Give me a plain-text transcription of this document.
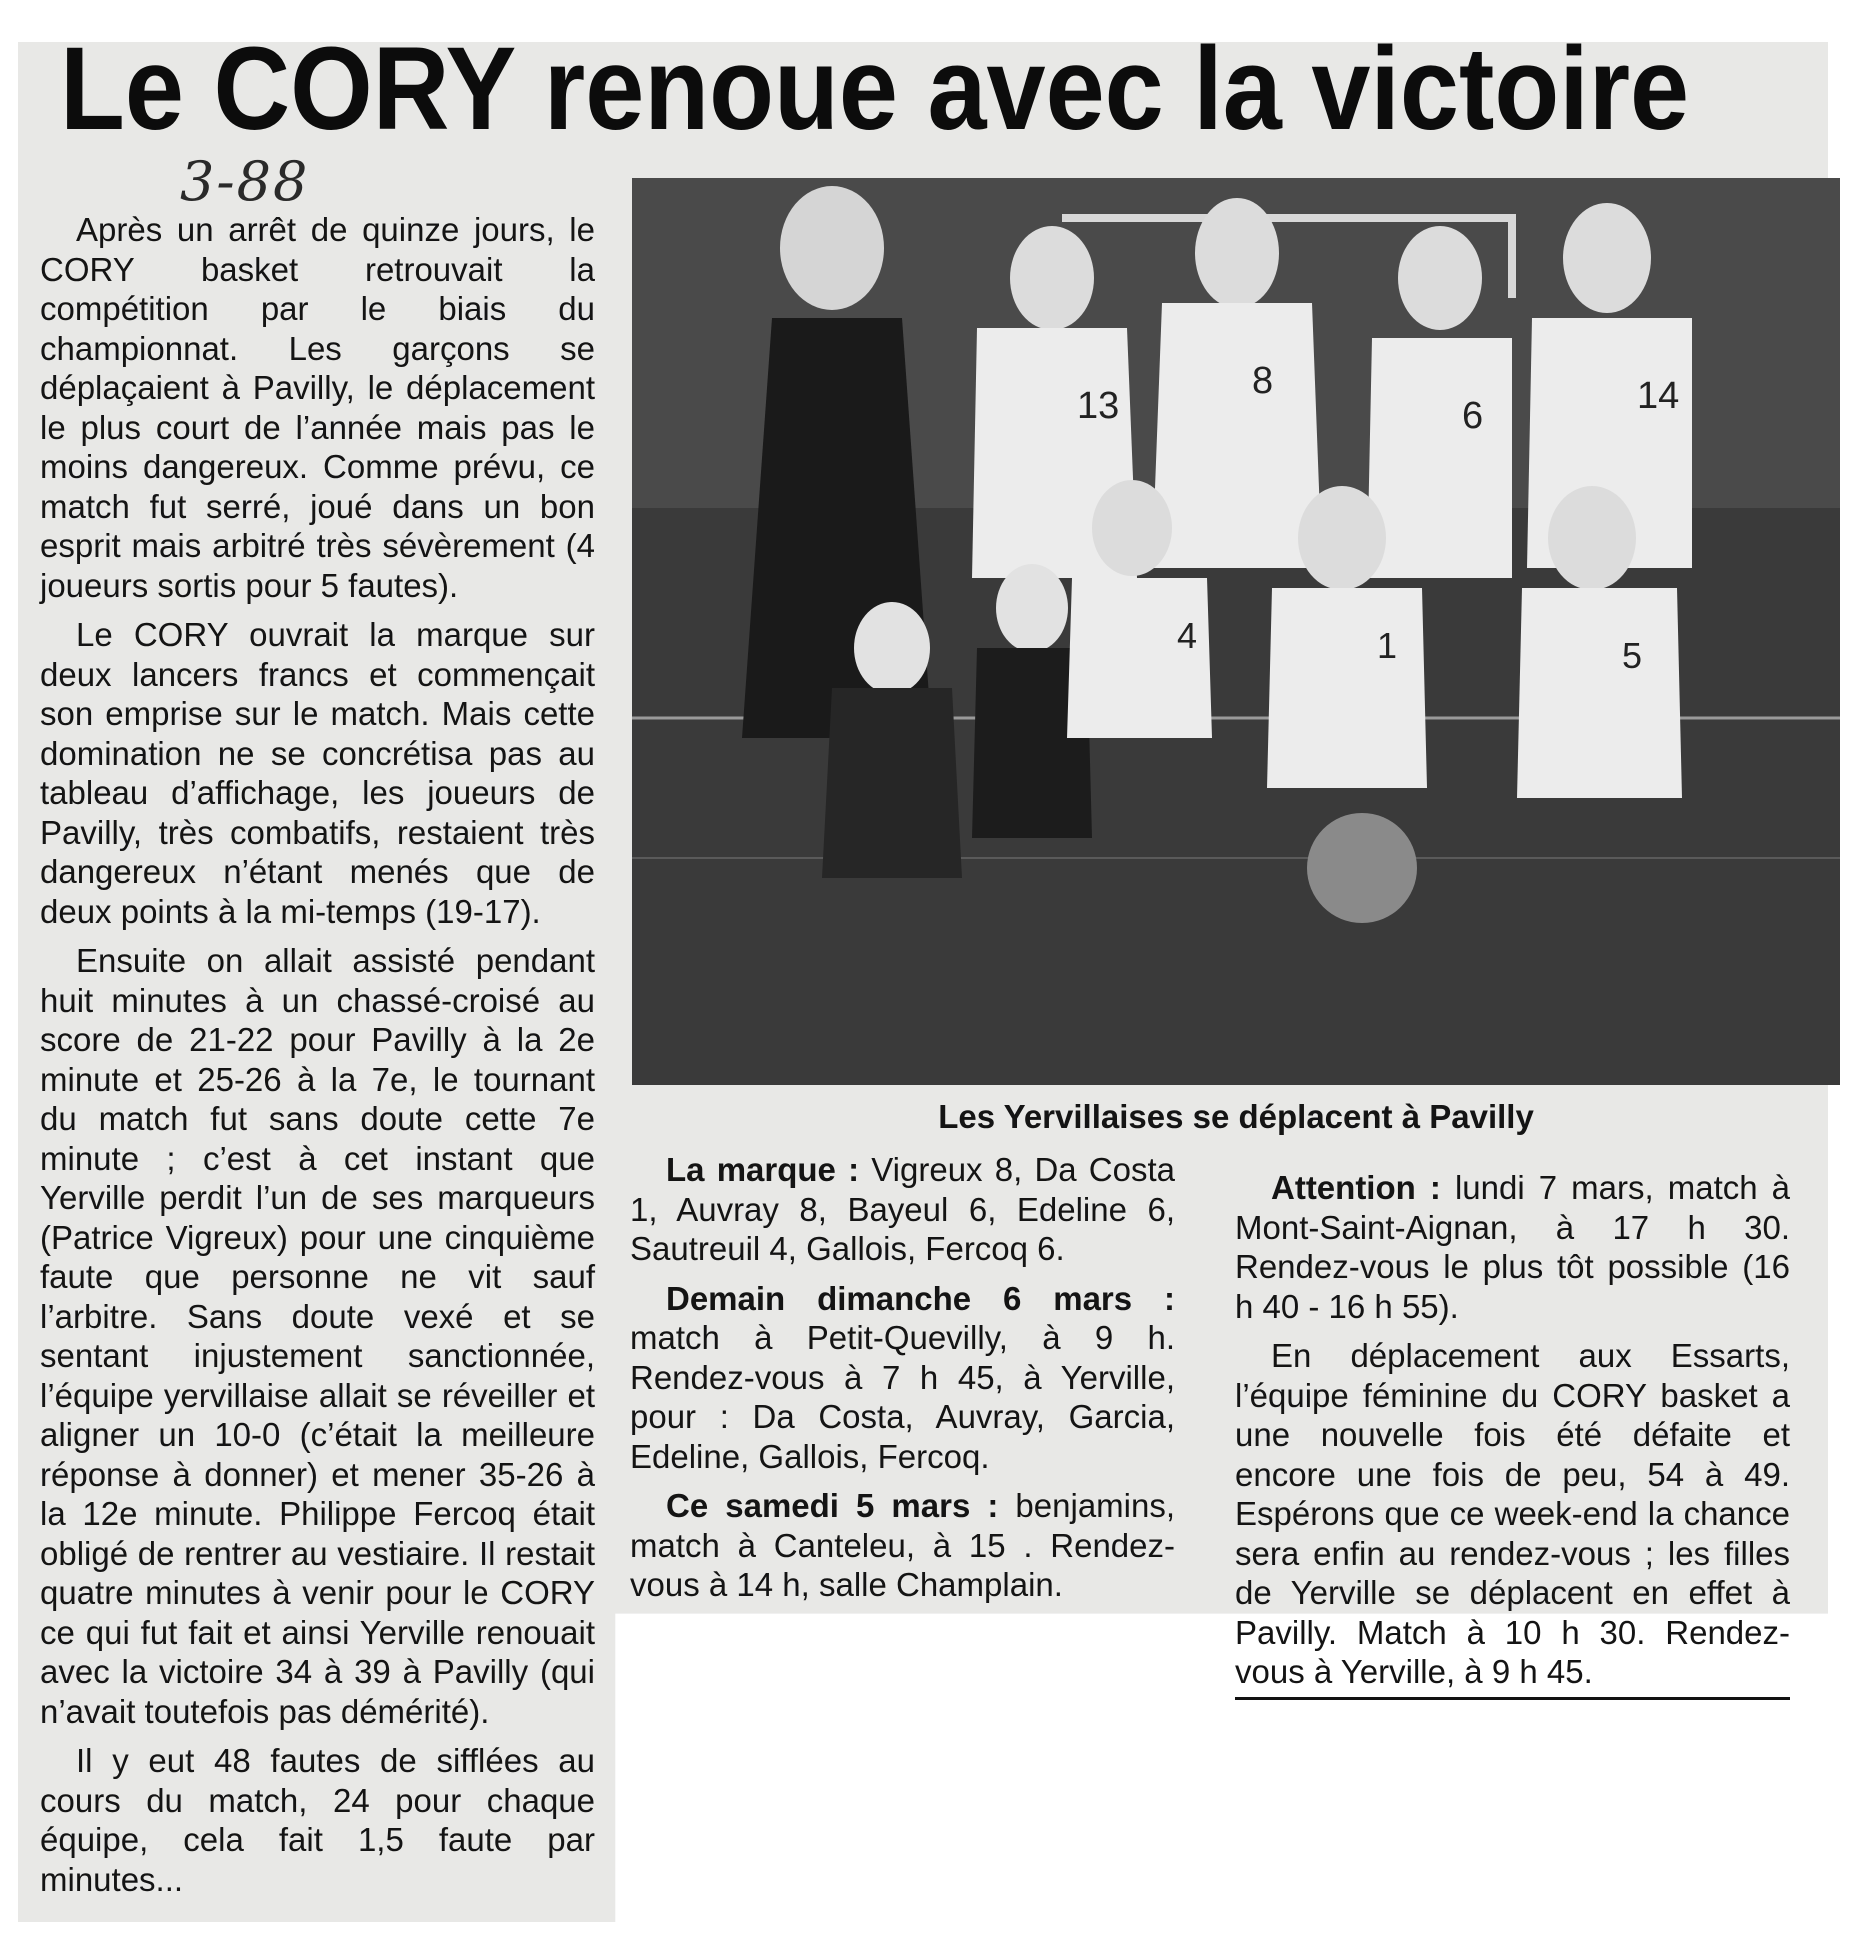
Le CORY renoue avec la victoire
3-88

Après un arrêt de quinze jours, le CORY basket retrouvait la compétition par le biais du championnat. Les garçons se déplaçaient à Pavilly, le déplacement le plus court de l’année mais pas le moins dangereux. Comme prévu, ce match fut serré, joué dans un bon esprit mais arbitré très sévèrement (4 joueurs sortis pour 5 fautes).

Le CORY ouvrait la marque sur deux lancers francs et commençait son emprise sur le match. Mais cette domination ne se concrétisa pas au tableau d’affichage, les joueurs de Pavilly, très combatifs, restaient très dangereux n’étant menés que de deux points à la mi-temps (19-17).

Ensuite on allait assisté pendant huit minutes à un chassé-croisé au score de 21-22 pour Pavilly à la 2e minute et 25-26 à la 7e, le tournant du match fut sans doute cette 7e minute ; c’est à cet instant que Yerville perdit l’un de ses marqueurs (Patrice Vigreux) pour une cinquième faute que personne ne vit sauf l’arbitre. Sans doute vexé et se sentant injustement sanctionnée, l’équipe yervillaise allait se réveiller et aligner un 10-0 (c’était la meilleure réponse à donner) et mener 35-26 à la 12e minute. Philippe Fercoq était obligé de rentrer au vestiaire. Il restait quatre minutes à venir pour le CORY ce qui fut fait et ainsi Yerville renouait avec la victoire 34 à 39 à Pavilly (qui n’avait toutefois pas démérité).

Il y eut 48 fautes de sifflées au cours du match, 24 pour chaque équipe, cela fait 1,5 faute par minutes...

13
8
6	14
4	1	5
Les Yervillaises se déplacent à Pavilly

La marque : Vigreux 8, Da Costa 1, Auvray 8, Bayeul 6, Edeline 6, Sautreuil 4, Gallois, Fercoq 6.

Demain dimanche 6 mars : match à Petit-Quevilly, à 9 h. Rendez-vous à 7 h 45, à Yerville, pour : Da Costa, Auvray, Garcia, Edeline, Gallois, Fercoq.

Ce samedi 5 mars : benjamins, match à Canteleu, à 15 . Rendez-vous à 14 h, salle Champlain.

Attention : lundi 7 mars, match à Mont-Saint-Aignan, à 17 h 30. Rendez-vous le plus tôt possible (16 h 40 - 16 h 55).

En déplacement aux Essarts, l’équipe féminine du CORY basket a une nouvelle fois été défaite et encore une fois de peu, 54 à 49. Espérons que ce week-end la chance sera enfin au rendez-vous ; les filles de Yerville se déplacent en effet à Pavilly. Match à 10 h 30. Rendez-vous à Yerville, à 9 h 45.
